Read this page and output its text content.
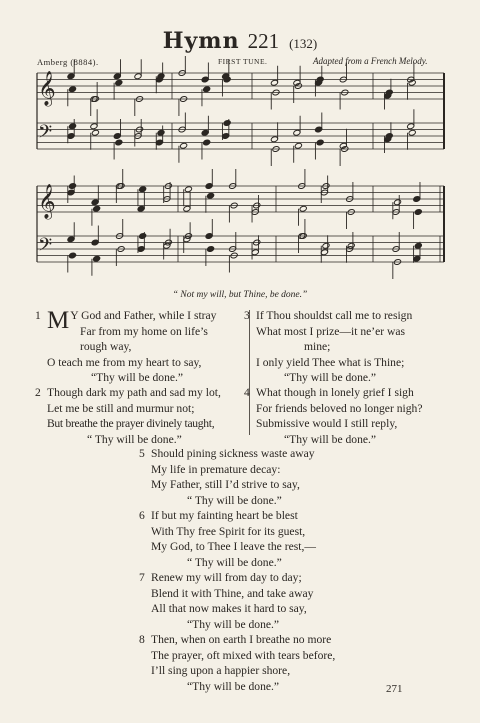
Hymn 221 (132)
Amberg (8884).	FIRST TUNE.	Adapted from a French Melody.
𝄞
𝄢
𝄞
𝄢
“ Not my will, but Thine, be done.”
1 M Y God and Father, while I stray
Far from my home on life’s
rough way,
O teach me from my heart to say,
“Thy will be done.”
2 Though dark my path and sad my lot,
Let me be still and murmur not;
But breathe the prayer divinely taught,
“ Thy will be done.”
3 If Thou shouldst call me to resign
What most I prize—it ne’er was
mine;
I only yield Thee what is Thine;
“Thy will be done.”
4 What though in lonely grief I sigh
For friends beloved no longer nigh?
Submissive would I still reply,
“Thy will be done.”
5 Should pining sickness waste away
My life in premature decay:
My Father, still I’d strive to say,
“ Thy will be done.”
6 If but my fainting heart be blest
With Thy free Spirit for its guest,
My God, to Thee I leave the rest,—
“ Thy will be done.”
7 Renew my will from day to day;
Blend it with Thine, and take away
All that now makes it hard to say,
“Thy will be done.”
8 Then, when on earth I breathe no more
The prayer, oft mixed with tears before,
I’ll sing upon a happier shore,
“Thy will be done.”	271
